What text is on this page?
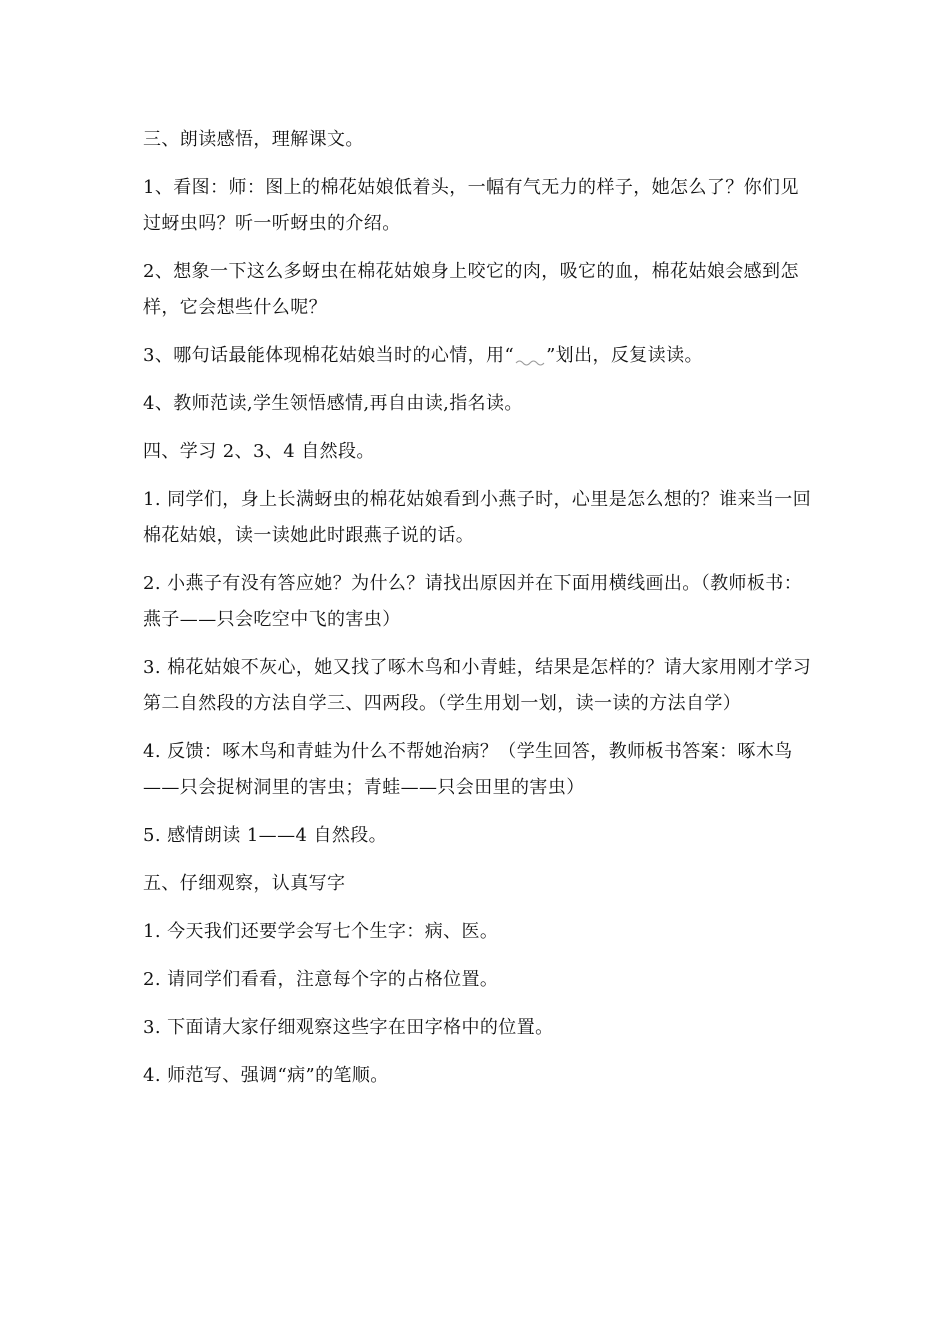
三、朗读感悟，理解课文。

1、看图：师：图上的棉花姑娘低着头，一幅有气无力的样子，她怎么了？你们见过蚜虫吗？听一听蚜虫的介绍。

2、想象一下这么多蚜虫在棉花姑娘身上咬它的肉，吸它的血，棉花姑娘会感到怎样，它会想些什么呢？

3、哪句话最能体现棉花姑娘当时的心情，用“ ”划出，反复读读。

4、教师范读,学生领悟感情,再自由读,指名读。

四、学习 2、3、4 自然段。

1. 同学们，身上长满蚜虫的棉花姑娘看到小燕子时，心里是怎么想的？谁来当一回棉花姑娘，读一读她此时跟燕子说的话。

2. 小燕子有没有答应她？为什么？请找出原因并在下面用横线画出。（教师板书：燕子——只会吃空中飞的害虫）

3. 棉花姑娘不灰心，她又找了啄木鸟和小青蛙，结果是怎样的？请大家用刚才学习第二自然段的方法自学三、四两段。（学生用划一划，读一读的方法自学）

4. 反馈：啄木鸟和青蛙为什么不帮她治病？（学生回答，教师板书答案：啄木鸟——只会捉树洞里的害虫；青蛙——只会田里的害虫）

5. 感情朗读 1——4 自然段。

五、仔细观察，认真写字

1. 今天我们还要学会写七个生字：病、医。

2. 请同学们看看，注意每个字的占格位置。

3. 下面请大家仔细观察这些字在田字格中的位置。

4. 师范写、强调“病”的笔顺。
